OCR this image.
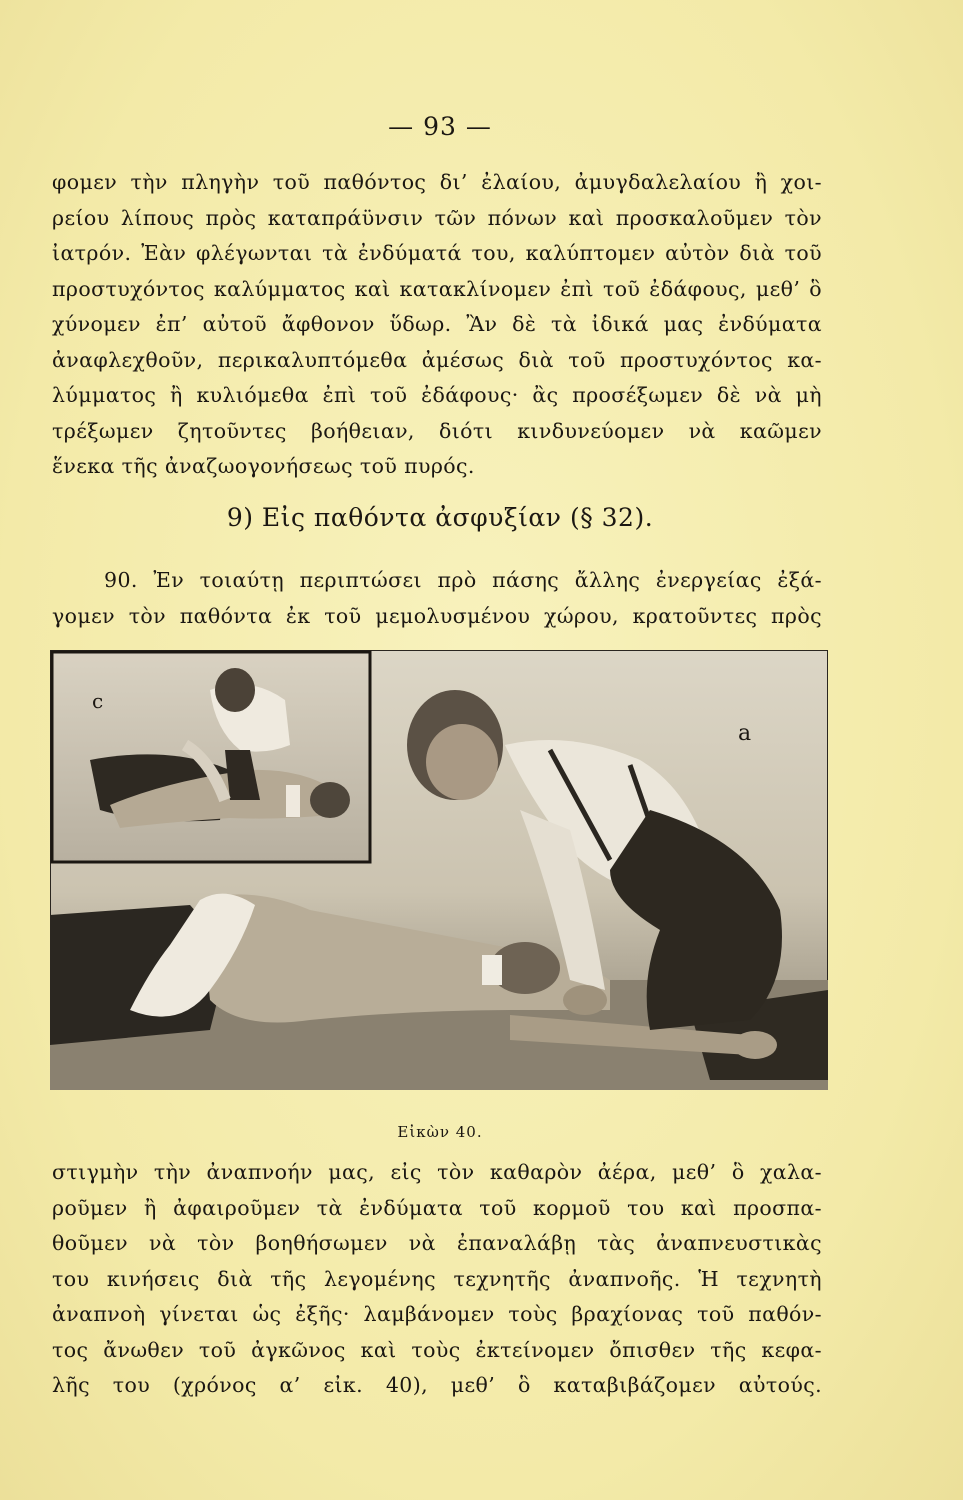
— 93 —
φομεν τὴν πληγὴν τοῦ παθόντος δι’ ἐλαίου, ἀμυγδαλελαίου ἢ χοι-
ρείου λίπους πρὸς καταπράϋνσιν τῶν πόνων καὶ προσκαλοῦμεν τὸν
ἰατρόν. Ἐὰν φλέγωνται τὰ ἐνδύματά του, καλύπτομεν αὐτὸν διὰ τοῦ
προστυχόντος καλύμματος καὶ κατακλίνομεν ἐπὶ τοῦ ἐδάφους, μεθ’ ὃ
χύνομεν ἐπ’ αὐτοῦ ἄφθονον ὕδωρ. Ἂν δὲ τὰ ἰδικά μας ἐνδύματα
ἀναφλεχθοῦν, περικαλυπτόμεθα ἀμέσως διὰ τοῦ προστυχόντος κα-
λύμματος ἢ κυλιόμεθα ἐπὶ τοῦ ἐδάφους· ἂς προσέξωμεν δὲ νὰ μὴ
τρέξωμεν ζητοῦντες βοήθειαν, διότι κινδυνεύομεν νὰ καῶμεν
ἕνεκα τῆς ἀναζωογονήσεως τοῦ πυρός.
9) Εἰς παθόντα ἀσφυξίαν (§ 32).
90. Ἐν τοιαύτῃ περιπτώσει πρὸ πάσης ἄλλης ἐνεργείας ἐξά-
γομεν τὸν παθόντα ἐκ τοῦ μεμολυσμένου χώρου, κρατοῦντες πρὸς
a
c
Εἰκὼν 40.
στιγμὴν τὴν ἀναπνοήν μας, εἰς τὸν καθαρὸν ἀέρα, μεθ’ ὃ χαλα-
ροῦμεν ἢ ἀφαιροῦμεν τὰ ἐνδύματα τοῦ κορμοῦ του καὶ προσπα-
θοῦμεν νὰ τὸν βοηθήσωμεν νὰ ἐπαναλάβῃ τὰς ἀναπνευστικὰς
του κινήσεις διὰ τῆς λεγομένης τεχνητῆς ἀναπνοῆς. Ἡ τεχνητὴ
ἀναπνοὴ γίνεται ὡς ἐξῆς· λαμβάνομεν τοὺς βραχίονας τοῦ παθόν-
τος ἄνωθεν τοῦ ἀγκῶνος καὶ τοὺς ἐκτείνομεν ὄπισθεν τῆς κεφα-
λῆς του (χρόνος α’ εἰκ. 40), μεθ’ ὃ καταβιβάζομεν αὐτούς.
